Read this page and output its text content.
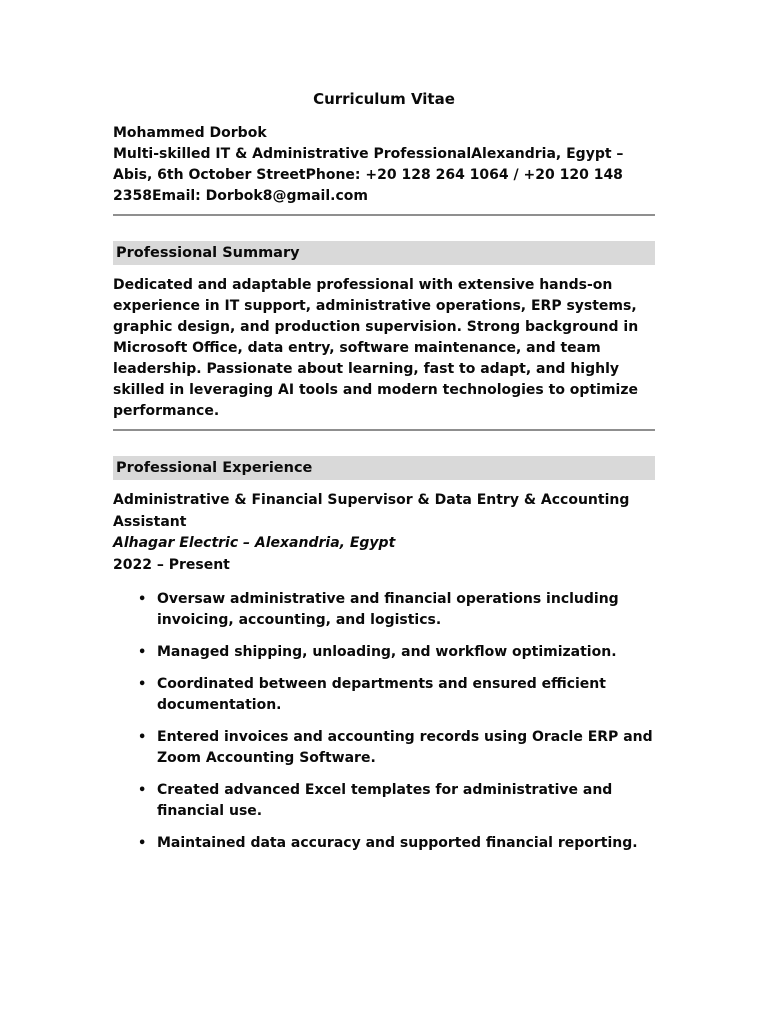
Curriculum Vitae

Mohammed Dorbok
Multi-skilled IT & Administrative ProfessionalAlexandria, Egypt – Abis, 6th October StreetPhone: +20 128 264 1064 / +20 120 148 2358Email: Dorbok8@gmail.com

Professional Summary

Dedicated and adaptable professional with extensive hands-on experience in IT support, administrative operations, ERP systems, graphic design, and production supervision. Strong background in Microsoft Office, data entry, software maintenance, and team leadership. Passionate about learning, fast to adapt, and highly skilled in leveraging AI tools and modern technologies to optimize performance.

Professional Experience
Administrative & Financial Supervisor & Data Entry & Accounting Assistant
Alhagar Electric – Alexandria, Egypt
2022 – Present
• Oversaw administrative and financial operations including invoicing, accounting, and logistics.
• Managed shipping, unloading, and workflow optimization.
• Coordinated between departments and ensured efficient documentation.
• Entered invoices and accounting records using Oracle ERP and Zoom Accounting Software.
• Created advanced Excel templates for administrative and financial use.
• Maintained data accuracy and supported financial reporting.
